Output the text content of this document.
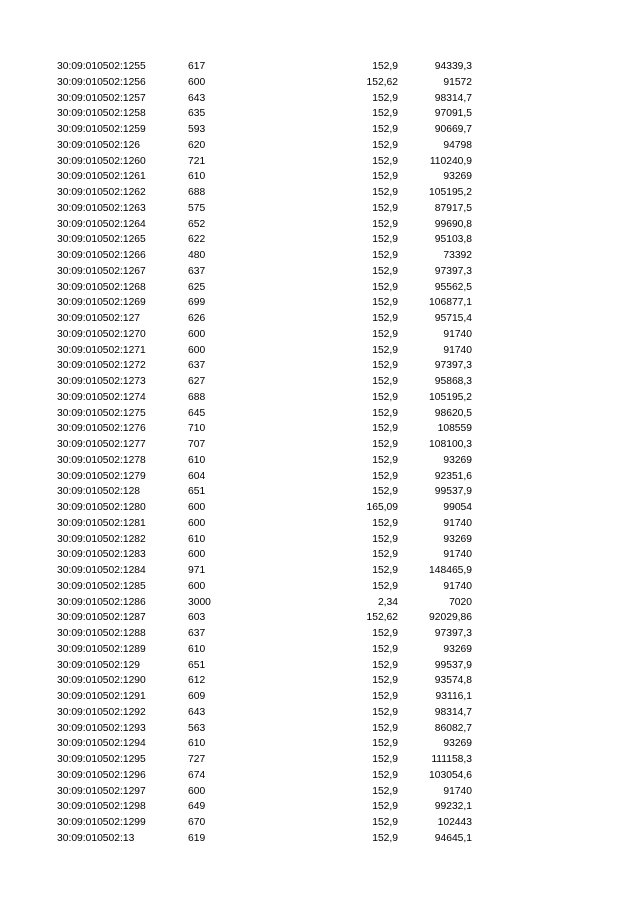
30:09:010502:1255	617	152,9	94339,3
30:09:010502:1256	600	152,62	91572
30:09:010502:1257	643	152,9	98314,7
30:09:010502:1258	635	152,9	97091,5
30:09:010502:1259	593	152,9	90669,7
30:09:010502:126	620	152,9	94798
30:09:010502:1260	721	152,9	110240,9
30:09:010502:1261	610	152,9	93269
30:09:010502:1262	688	152,9	105195,2
30:09:010502:1263	575	152,9	87917,5
30:09:010502:1264	652	152,9	99690,8
30:09:010502:1265	622	152,9	95103,8
30:09:010502:1266	480	152,9	73392
30:09:010502:1267	637	152,9	97397,3
30:09:010502:1268	625	152,9	95562,5
30:09:010502:1269	699	152,9	106877,1
30:09:010502:127	626	152,9	95715,4
30:09:010502:1270	600	152,9	91740
30:09:010502:1271	600	152,9	91740
30:09:010502:1272	637	152,9	97397,3
30:09:010502:1273	627	152,9	95868,3
30:09:010502:1274	688	152,9	105195,2
30:09:010502:1275	645	152,9	98620,5
30:09:010502:1276	710	152,9	108559
30:09:010502:1277	707	152,9	108100,3
30:09:010502:1278	610	152,9	93269
30:09:010502:1279	604	152,9	92351,6
30:09:010502:128	651	152,9	99537,9
30:09:010502:1280	600	165,09	99054
30:09:010502:1281	600	152,9	91740
30:09:010502:1282	610	152,9	93269
30:09:010502:1283	600	152,9	91740
30:09:010502:1284	971	152,9	148465,9
30:09:010502:1285	600	152,9	91740
30:09:010502:1286	3000	2,34	7020
30:09:010502:1287	603	152,62	92029,86
30:09:010502:1288	637	152,9	97397,3
30:09:010502:1289	610	152,9	93269
30:09:010502:129	651	152,9	99537,9
30:09:010502:1290	612	152,9	93574,8
30:09:010502:1291	609	152,9	93116,1
30:09:010502:1292	643	152,9	98314,7
30:09:010502:1293	563	152,9	86082,7
30:09:010502:1294	610	152,9	93269
30:09:010502:1295	727	152,9	111158,3
30:09:010502:1296	674	152,9	103054,6
30:09:010502:1297	600	152,9	91740
30:09:010502:1298	649	152,9	99232,1
30:09:010502:1299	670	152,9	102443
30:09:010502:13	619	152,9	94645,1
